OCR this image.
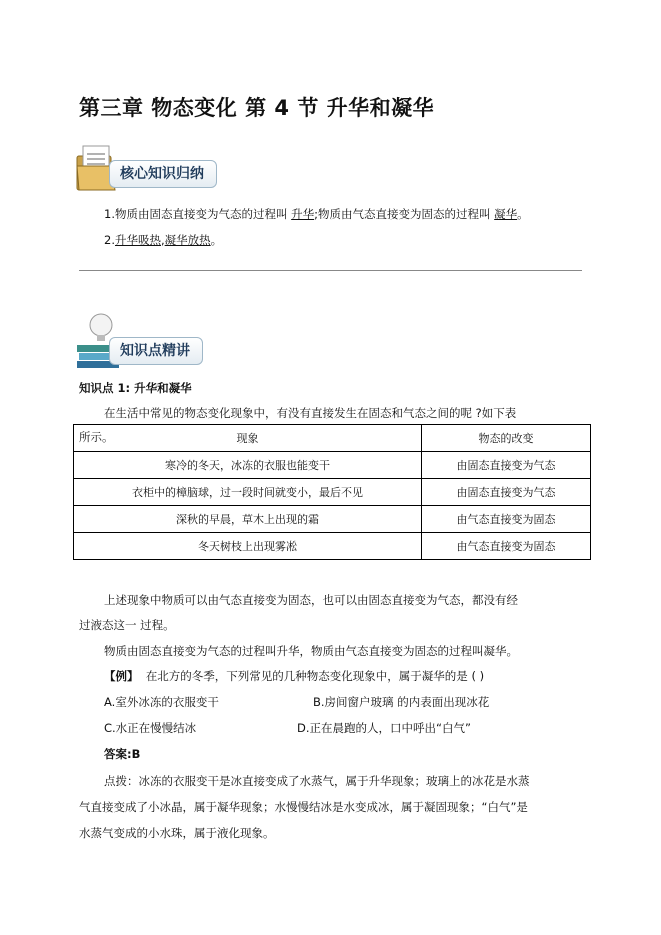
第三章 物态变化 第 4 节 升华和凝华
核心知识归纳
1.物质由固态直接变为气态的过程叫 升华;物质由气态直接变为固态的过程叫 凝华。
2.升华吸热,凝华放热。
知识点精讲
知识点 1: 升华和凝华
在生活中常见的物态变化现象中，有没有直接发生在固态和气态之间的呢 ?如下表
所示。	现象	物态的改变
寒冷的冬天，冰冻的衣服也能变干	由固态直接变为气态
衣柜中的樟脑球，过一段时间就变小，最后不见	由固态直接变为气态
深秋的早晨，草木上出现的霜	由气态直接变为固态
冬天树枝上出现雾凇	由气态直接变为固态
上述现象中物质可以由气态直接变为固态，也可以由固态直接变为气态，都没有经
过液态这一 过程。
物质由固态直接变为气态的过程叫升华，物质由气态直接变为固态的过程叫凝华。
【例】 在北方的冬季，下列常见的几种物态变化现象中，属于凝华的是 ( )
A.室外冰冻的衣服变干	B.房间窗户玻璃 的内表面出现冰花
C.水正在慢慢结冰	D.正在晨跑的人，口中呼出“白气”
答案:B
点拨：冰冻的衣服变干是冰直接变成了水蒸气，属于升华现象；玻璃上的冰花是水蒸
气直接变成了小冰晶，属于凝华现象；水慢慢结冰是水变成冰，属于凝固现象；“白气”是
水蒸气变成的小水珠，属于液化现象。
